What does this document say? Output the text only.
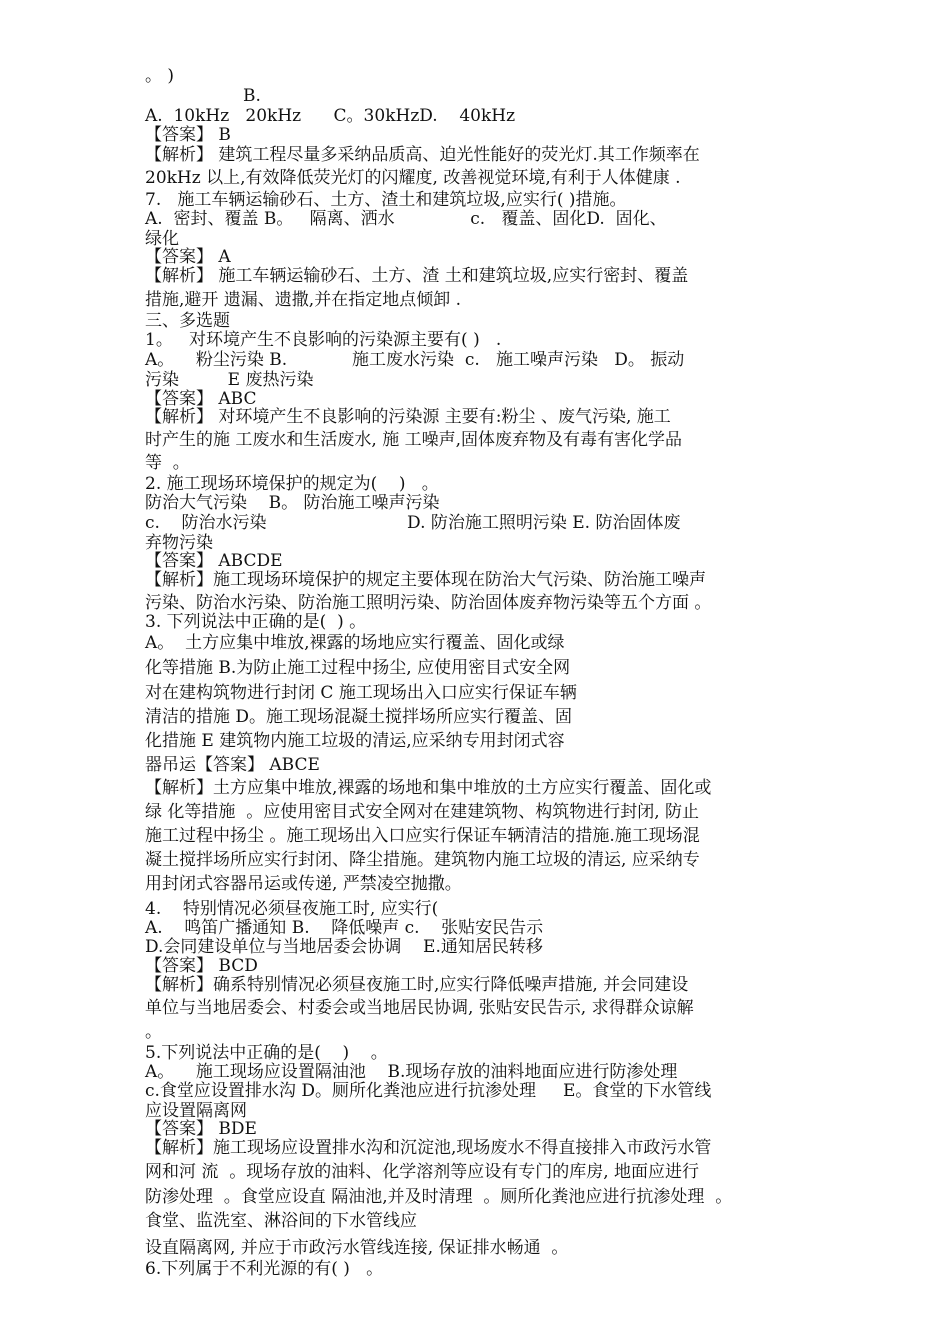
。 )
B.
A.  10kHz   20kHz      C。30kHzD.    40kHz
【答案】 B
【解析】 建筑工程尽量多采纳品质高、迫光性能好的荧光灯.其工作频率在
20kHz 以上,有效降低荧光灯的闪耀度, 改善视觉环境,有利于人体健康 .
7.   施工车辆运输砂石、土方、渣土和建筑垃圾,应实行( )措施。
A.  密封、覆盖 B。   隔离、洒水              c.   覆盖、固化D.  固化、
绿化
【答案】 A
【解析】 施工车辆运输砂石、土方、渣 土和建筑垃圾,应实行密封、覆盖
措施,避开 遗漏、遗撒,并在指定地点倾卸 .
三、多选题
1。   对环境产生不良影响的污染源主要有( )   .
A。    粉尘污染 B.            施工废水污染  c.   施工噪声污染   D。 振动
污染         E 废热污染
【答案】 ABC
【解析】 对环境产生不良影响的污染源 主要有:粉尘 、废气污染, 施工
时产生的施 工废水和生活废水, 施 工噪声,固体废弃物及有毒有害化学品
等  。
2. 施工现场环境保护的规定为(    )   。
防治大气污染    B。 防治施工噪声污染
c.    防治水污染                          D. 防治施工照明污染 E. 防治固体废
弃物污染
【答案】 ABCDE
【解析】施工现场环境保护的规定主要体现在防治大气污染、防治施工噪声
污染、防治水污染、防治施工照明污染、防治固体废弃物污染等五个方面 。
3. 下列说法中正确的是(  ) 。
A。  土方应集中堆放,裸露的场地应实行覆盖、固化或绿
化等措施 B.为防止施工过程中扬尘, 应使用密目式安全网
对在建构筑物进行封闭 C 施工现场出入口应实行保证车辆
清洁的措施 D。施工现场混凝土搅拌场所应实行覆盖、固
化措施 E 建筑物内施工垃圾的清运,应采纳专用封闭式容
器吊运【答案】 ABCE
【解析】土方应集中堆放,裸露的场地和集中堆放的土方应实行覆盖、固化或
绿 化等措施  。应使用密目式安全网对在建建筑物、构筑物进行封闭, 防止
施工过程中扬尘 。施工现场出入口应实行保证车辆清洁的措施.施工现场混
凝土搅拌场所应实行封闭、降尘措施。建筑物内施工垃圾的清运, 应采纳专
用封闭式容器吊运或传递, 严禁凌空抛撒。
4.    特别情况必须昼夜施工时, 应实行(
A.    鸣笛广播通知 B.    降低噪声 c.    张贴安民告示
D.会同建设单位与当地居委会协调    E.通知居民转移
【答案】 BCD
【解析】确系特别情况必须昼夜施工时,应实行降低噪声措施, 并会同建设
单位与当地居委会、村委会或当地居民协调, 张贴安民告示, 求得群众谅解
。
5.下列说法中正确的是(    )    。
A。    施工现场应设置隔油池    B.现场存放的油料地面应进行防渗处理
c.食堂应设置排水沟 D。厕所化粪池应进行抗渗处理     E。食堂的下水管线
应设置隔离网
【答案】 BDE
【解析】施工现场应设置排水沟和沉淀池,现场废水不得直接排入市政污水管
网和河 流  。现场存放的油料、化学溶剂等应设有专门的库房, 地面应进行
防渗处理  。食堂应设直 隔油池,并及时清理  。厕所化粪池应进行抗渗处理  。
食堂、监洗室、淋浴间的下水管线应
设直隔离网, 并应于市政污水管线连接, 保证排水畅通  。
6.下列属于不利光源的有( )   。
